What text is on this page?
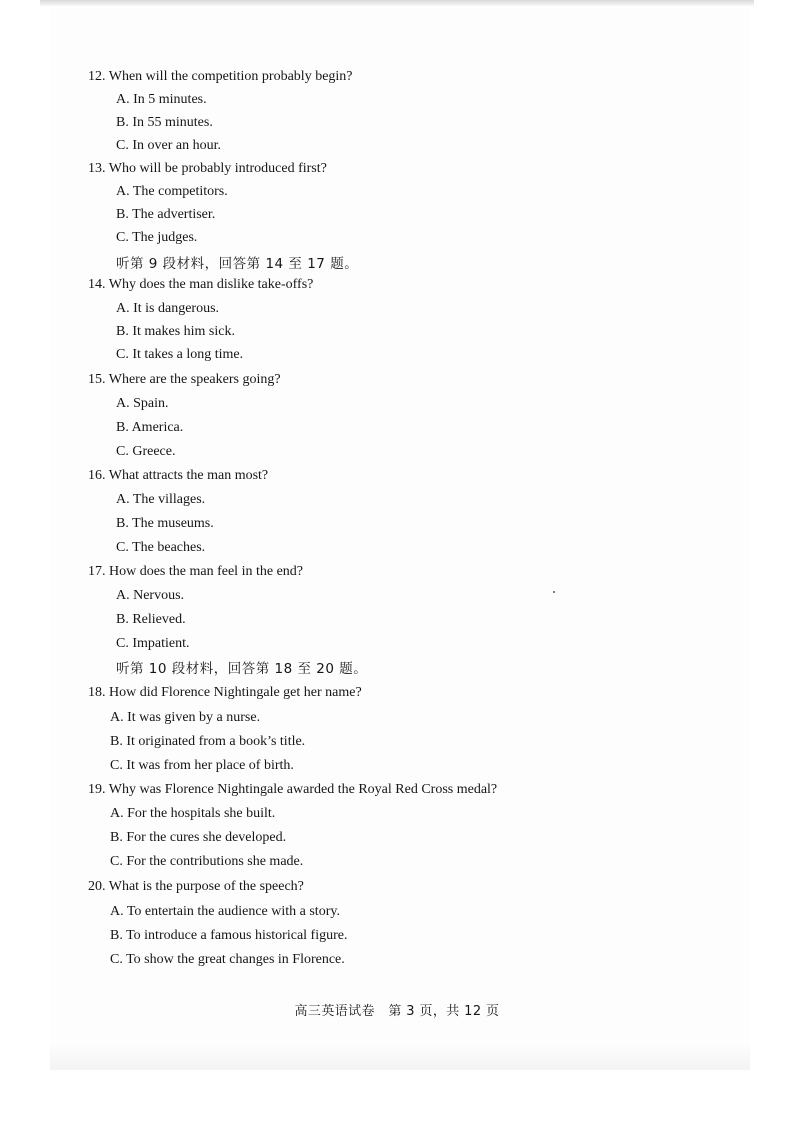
12. When will the competition probably begin?
A. In 5 minutes.
B. In 55 minutes.
C. In over an hour.
13. Who will be probably introduced first?
A. The competitors.
B. The advertiser.
C. The judges.
听第 9 段材料，回答第 14 至 17 题。
14. Why does the man dislike take-offs?
A. It is dangerous.
B. It makes him sick.
C. It takes a long time.
15. Where are the speakers going?
A. Spain.
B. America.
C. Greece.
16. What attracts the man most?
A. The villages.
B. The museums.
C. The beaches.
17. How does the man feel in the end?
A. Nervous.
B. Relieved.
C. Impatient.
听第 10 段材料，回答第 18 至 20 题。
18. How did Florence Nightingale get her name?
A. It was given by a nurse.
B. It originated from a book’s title.
C. It was from her place of birth.
19. Why was Florence Nightingale awarded the Royal Red Cross medal?
A. For the hospitals she built.
B. For the cures she developed.
C. For the contributions she made.
20. What is the purpose of the speech?
A. To entertain the audience with a story.
B. To introduce a famous historical figure.
C. To show the great changes in Florence.
高三英语试卷　第 3 页，共 12 页
